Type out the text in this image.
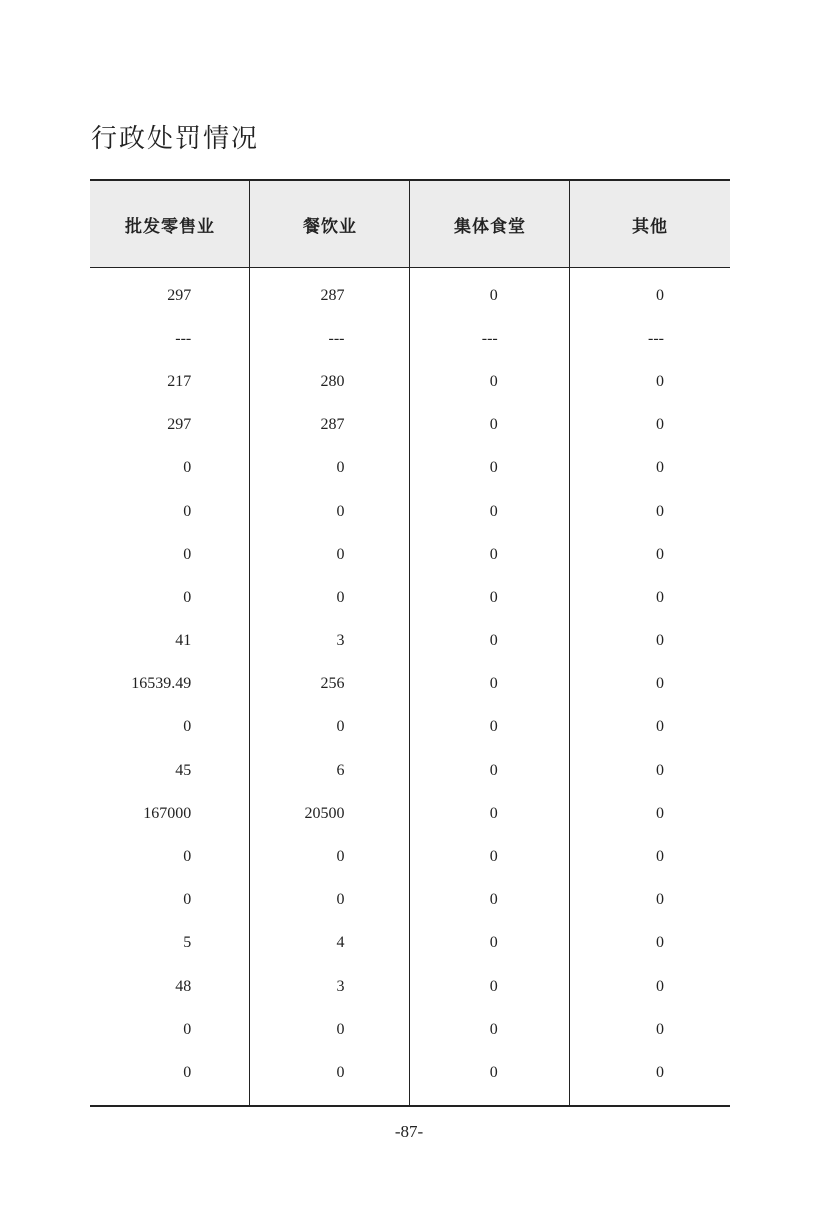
行政处罚情况
批发零售业	餐饮业	集体食堂	其他
297	287	0	0
---	---	---	---
217	280	0	0
297	287	0	0
0	0	0	0
0	0	0	0
0	0	0	0
0	0	0	0
41	3	0	0
16539.49	256	0	0
0	0	0	0
45	6	0	0
167000	20500	0	0
0	0	0	0
0	0	0	0
5	4	0	0
48	3	0	0
0	0	0	0
0	0	0	0
-87-
